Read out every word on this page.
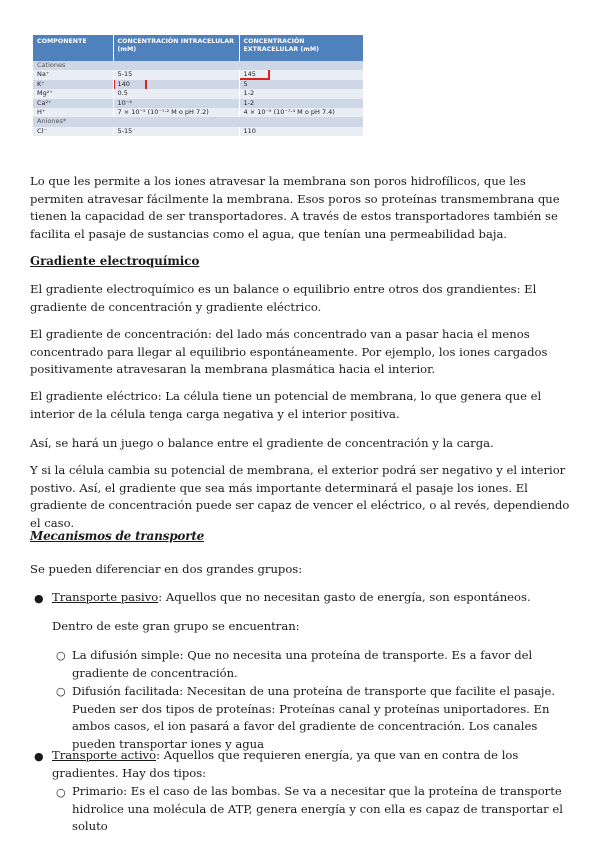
COMPONENTE	CONCENTRACIÓN INTRACELULAR (mM)	CONCENTRACIÓN EXTRACELULAR (mM)
Cationes		
Na⁺	5-15	145

K⁺	140	5
Mg²⁺	0.5	1-2
Ca²⁺	10⁻⁴	1-2
H⁺	7 × 10⁻⁵ (10⁻⁷·² M o pH 7.2)	4 × 10⁻⁵ (10⁻⁷·⁴ M o pH 7.4)
Aniones*		
Cl⁻	5-15	110

Lo que les permite a los iones atravesar la membrana son poros hidrofílicos, que les permiten atravesar fácilmente la membrana. Esos poros so proteínas transmembrana que tienen la capacidad de ser transportadores. A través de estos transportadores también se facilita el pasaje de sustancias como el agua, que tenían una permeabilidad baja.

Gradiente electroquímico

El gradiente electroquímico es un balance o equilibrio entre otros dos grandientes: El gradiente de concentración y gradiente eléctrico.

El gradiente de concentración: del lado más concentrado van a pasar hacia el menos concentrado para llegar al equilibrio espontáneamente. Por ejemplo, los iones cargados positivamente atravesaran la membrana plasmática hacia el interior.

El gradiente eléctrico: La célula tiene un potencial de membrana, lo que genera que el interior de la célula tenga carga negativa y el interior positiva.

Así, se hará un juego o balance entre el gradiente de concentración y la carga.

Y si la célula cambia su potencial de membrana, el exterior podrá ser negativo y el interior postivo. Así, el gradiente que sea más importante determinará el pasaje los iones. El gradiente de concentración puede ser capaz de vencer el eléctrico, o al revés, dependiendo el caso.

Mecanismos de transporte

Se pueden diferenciar en dos grandes grupos:

● Transporte pasivo: Aquellos que no necesitan gasto de energía, son espontáneos.

Dentro de este gran grupo se encuentran:

○ La difusión simple: Que no necesita una proteína de transporte. Es a favor del gradiente de concentración.

○ Difusión facilitada: Necesitan de una proteína de transporte que facilite el pasaje. Pueden ser dos tipos de proteínas: Proteínas canal y proteínas uniportadores. En ambos casos, el ion pasará a favor del gradiente de concentración. Los canales pueden transportar iones y agua

● Transporte activo: Aquellos que requieren energía, ya que van en contra de los gradientes. Hay dos tipos:

○ Primario: Es el caso de las bombas. Se va a necesitar que la proteína de transporte hidrolice una molécula de ATP, genera energía y con ella es capaz de transportar el soluto
